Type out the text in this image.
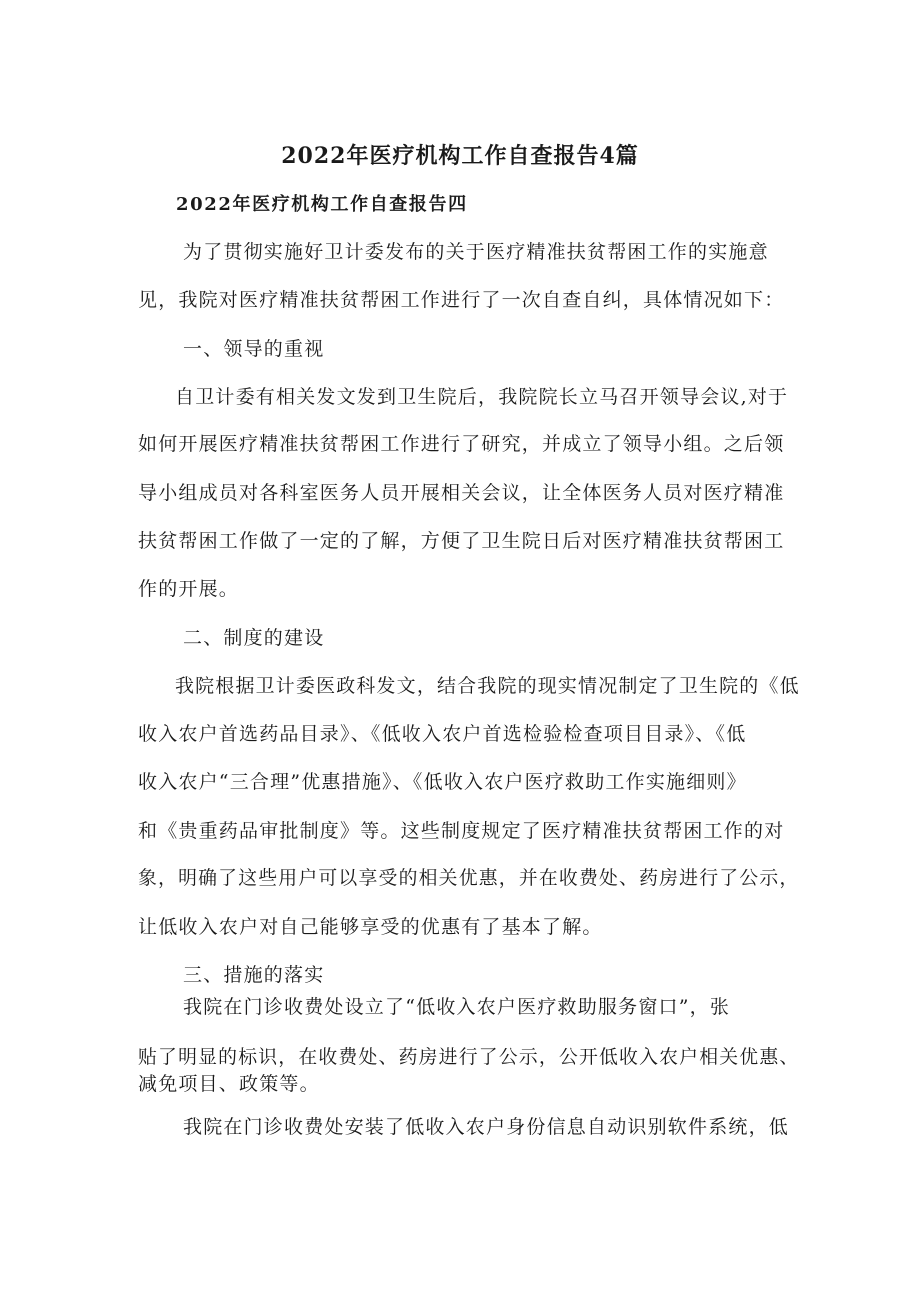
2022年医疗机构工作自查报告4篇
2022年医疗机构工作自查报告四
为了贯彻实施好卫计委发布的关于医疗精准扶贫帮困工作的实施意
见，我院对医疗精准扶贫帮困工作进行了一次自查自纠，具体情况如下：
一、领导的重视
自卫计委有相关发文发到卫生院后，我院院长立马召开领导会议,对于
如何开展医疗精准扶贫帮困工作进行了研究，并成立了领导小组。之后领
导小组成员对各科室医务人员开展相关会议，让全体医务人员对医疗精准
扶贫帮困工作做了一定的了解，方便了卫生院日后对医疗精准扶贫帮困工
作的开展。
二、制度的建设
我院根据卫计委医政科发文，结合我院的现实情况制定了卫生院的《低
收入农户首选药品目录》、《低收入农户首选检验检查项目目录》、《低
收入农户“三合理”优惠措施》、《低收入农户医疗救助工作实施细则》
和《贵重药品审批制度》等。这些制度规定了医疗精准扶贫帮困工作的对
象，明确了这些用户可以享受的相关优惠，并在收费处、药房进行了公示，
让低收入农户对自己能够享受的优惠有了基本了解。
三、措施的落实
我院在门诊收费处设立了“低收入农户医疗救助服务窗口”，张
贴了明显的标识，在收费处、药房进行了公示，公开低收入农户相关优惠、
减免项目、政策等。
我院在门诊收费处安装了低收入农户身份信息自动识别软件系统，低
